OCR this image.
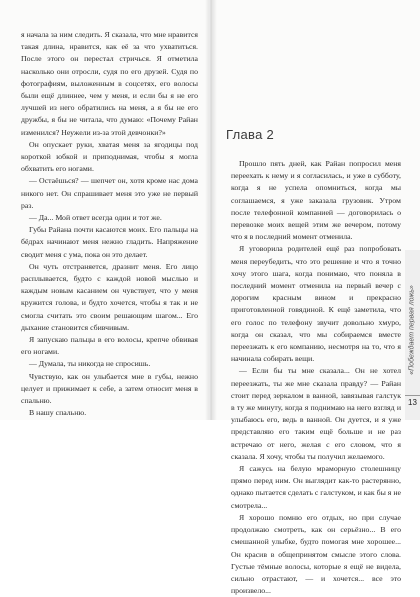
я начала за ним следить. Я сказала, что мне нравится такая длина, нравится, как её за что ухватиться. После этого он перестал стричься. Я отметила насколько они отросли, судя по его друзей. Судя по фотографиям, выложенным в соцсетях, его волосы были ещё длиннее, чем у меня, и если бы я не его лучшей из него обратились на меня, а я бы не его дружбы, я бы не читала, что думаю: «Почему Райан изменился? Неужели из-за этой девчонки?»

Он опускает руки, хватая меня за ягодицы под короткой юбкой и приподнимая, чтобы я могла обхватить его ногами.

— Остаёшься? — шепчет он, хотя кроме нас дома никого нет. Он спрашивает меня это уже не первый раз.

— Да... Мой ответ всегда один и тот же.

Губы Райана почти касаются моих. Его пальцы на бёдрах начинают меня нежно гладить. Напряжение сводит меня с ума, пока он это делает.

Он чуть отстраняется, дразнит меня. Его лицо расплывается, будто с каждой новой мыслью и каждым новым касанием он чувствует, что у меня кружится голова, и будто хочется, чтобы я так и не смогла считать это своим решающим шагом... Его дыхание становится сбивчивым.

Я запускаю пальцы в его волосы, крепче обвивая его ногами.

— Думала, ты никогда не спросишь.

Чувствую, как он улыбается мне в губы, нежно целует и прижимает к себе, а затем относит меня в спальню.

В нашу спальню.

Глава 2

Прошло пять дней, как Райан попросил меня переехать к нему и я согласилась, и уже в субботу, когда я не успела опомниться, когда мы соглашаемся, я уже заказала грузовик. Утром после телефонной компанией — договорилась о перевозке моих вещей этим же вечером, потому что я в последний момент отменила.

Я уговорила родителей ещё раз попробовать меня переубедить, что это решение и что я точно хочу этого шага, когда понимаю, что поняла в последний момент отменила на первый вечер с дорогим красным вином и прекрасно приготовленной говядиной. К ещё заметила, что его голос по телефону звучит довольно хмуро, когда он сказал, что мы собираемся вместе переезжать к его компанию, несмотря на то, что я начинала собирать вещи.

— Если бы ты мне сказала... Он не хотел переезжать, ты же мне сказала правду? — Райан стоит перед зеркалом в ванной, завязывая галстук в ту же минуту, когда я поднимаю на него взгляд и улыбаюсь его, ведь в ванной. Он дуется, и я уже представляю его таким ещё больше и не раз встречаю от него, желая с его словом, что я сказала. Я хочу, чтобы ты получил желаемого.

Я сажусь на белую мраморную столешницу прямо перед ним. Он выглядит как-то растерянно, однако пытается сделать с галстуком, и как бы я не смотрела...

Я хорошо помню его отдых, но при случае продолжаю смотреть, как он серьёзно... В его смешанной улыбке, будто помогая мне хорошее... Он красив в общепринятом смысле этого слова. Густые тёмные волосы, которые я ещё не видела, сильно отрастают, — и хочется... все это произвело...

«Побеждает первая ложь»
13
